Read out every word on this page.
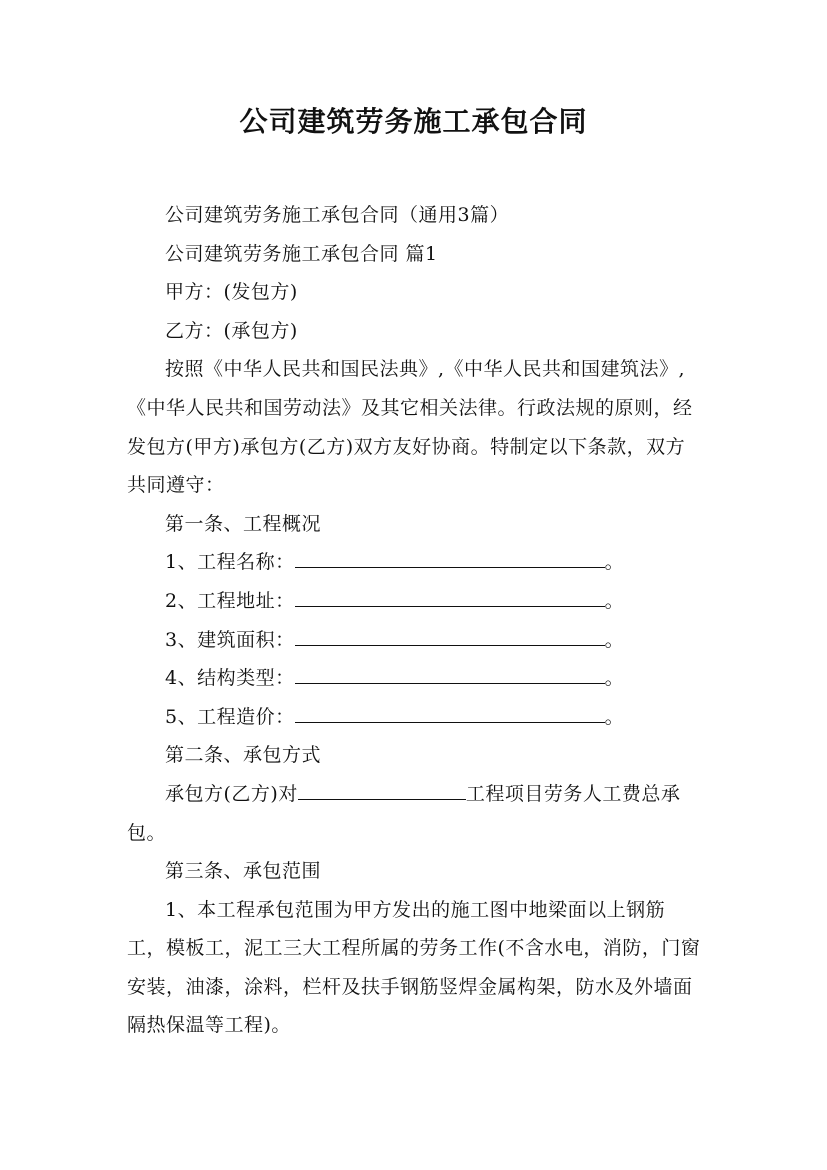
公司建筑劳务施工承包合同

公司建筑劳务施工承包合同（通用3篇）

公司建筑劳务施工承包合同 篇1

甲方：(发包方)

乙方：(承包方)

按照《中华人民共和国民法典》,《中华人民共和国建筑法》,《中华人民共和国劳动法》及其它相关法律。行政法规的原则，经发包方(甲方)承包方(乙方)双方友好协商。特制定以下条款，双方共同遵守：

第一条、工程概况

1、工程名称：	。

2、工程地址：	。

3、建筑面积：	。

4、结构类型：	。

5、工程造价：	。

第二条、承包方式

承包方(乙方)对	工程项目劳务人工费总承包。

第三条、承包范围

1、本工程承包范围为甲方发出的施工图中地梁面以上钢筋工，模板工，泥工三大工程所属的劳务工作(不含水电，消防，门窗安装，油漆，涂料，栏杆及扶手钢筋竖焊金属构架，防水及外墙面隔热保温等工程)。
